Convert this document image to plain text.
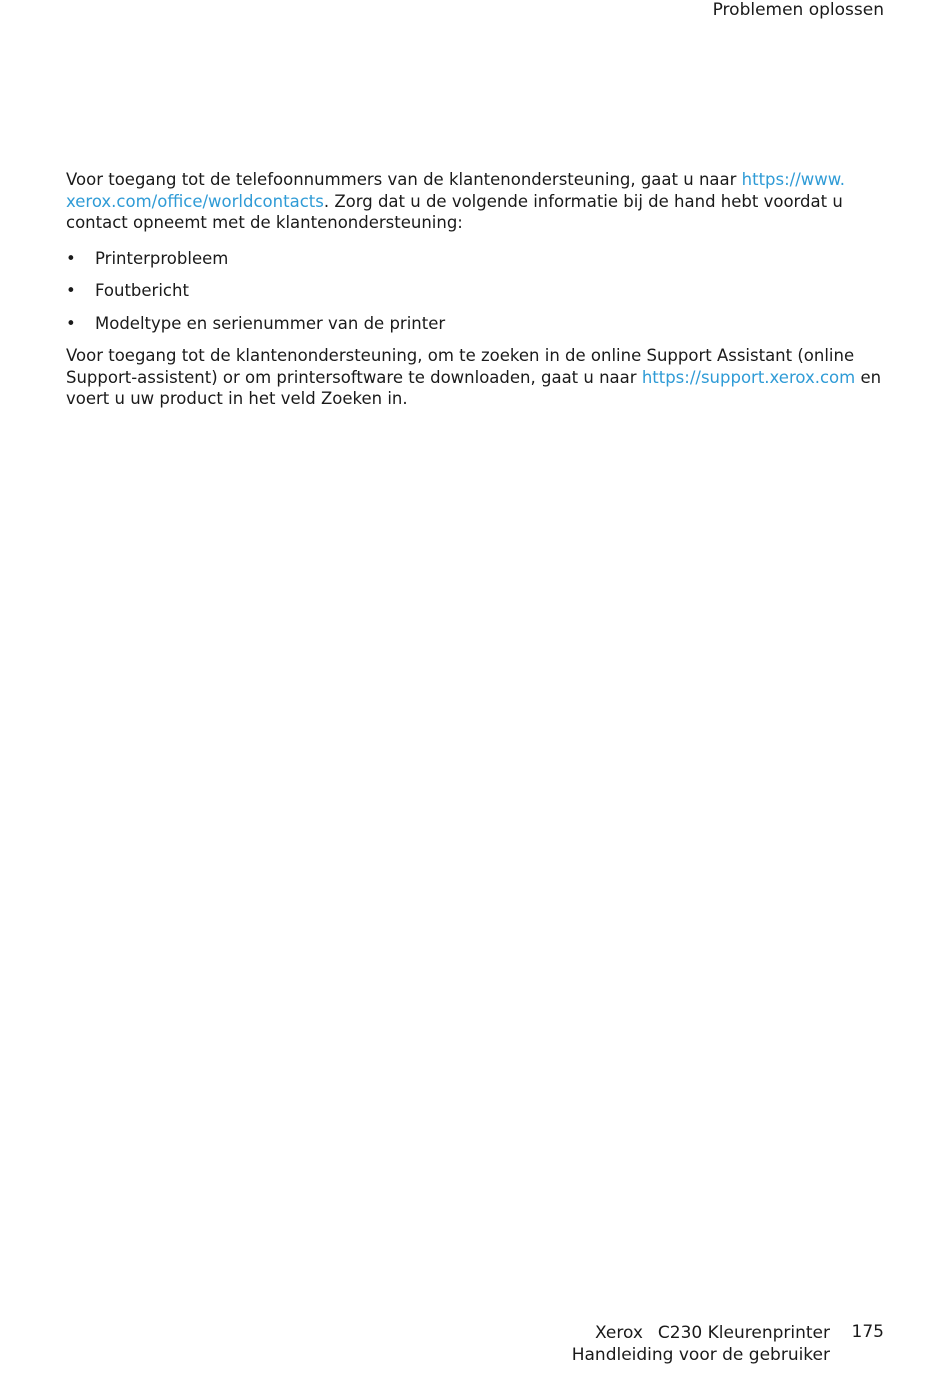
Problemen oplossen

Voor toegang tot de telefoonnummers van de klantenondersteuning, gaat u naar https://www.
xerox.com/office/worldcontacts. Zorg dat u de volgende informatie bij de hand hebt voordat u contact opneemt met de klantenondersteuning:

• Printerprobleem
• Foutbericht
• Modeltype en serienummer van de printer

Voor toegang tot de klantenondersteuning, om te zoeken in de online Support Assistant (online Support-assistent) or om printersoftware te downloaden, gaat u naar https://support.xerox.com en voert u uw product in het veld Zoeken in.

Xerox C230 Kleurenprinter
Handleiding voor de gebruiker
175
